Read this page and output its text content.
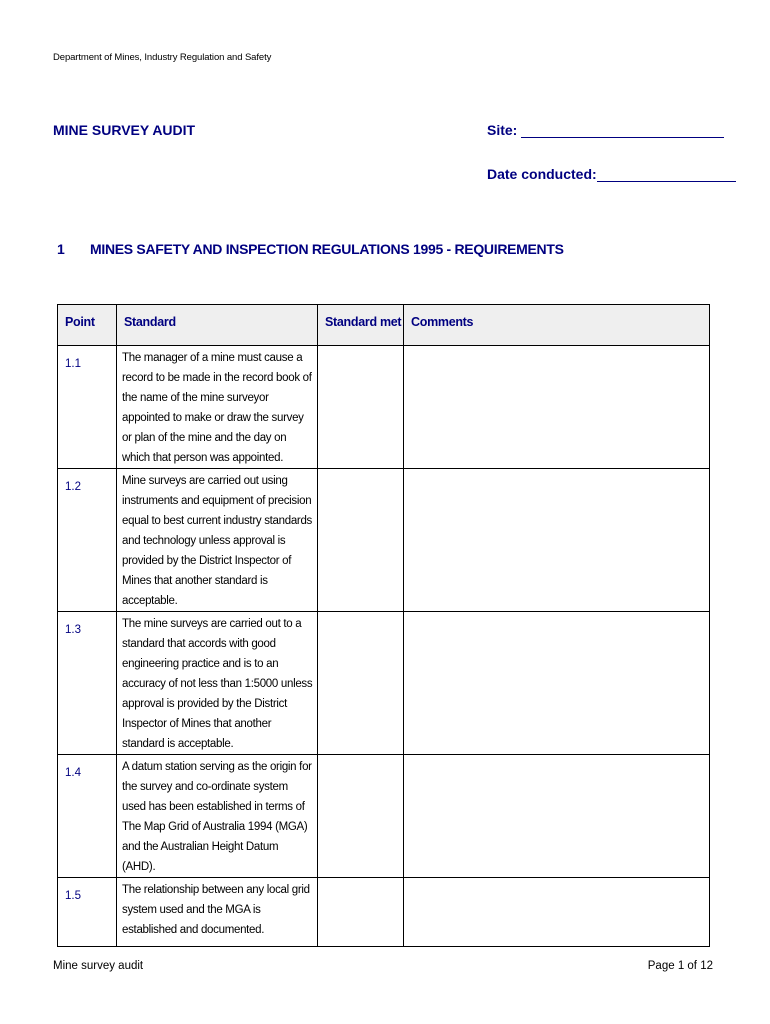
Department of Mines, Industry Regulation and Safety
MINE SURVEY AUDIT	Site:
Date conducted:
1 MINES SAFETY AND INSPECTION REGULATIONS 1995 - REQUIREMENTS
Point	Standard	Standard met	Comments
1.1	The manager of a mine must cause a record to be made in the record book of the name of the mine surveyor appointed to make or draw the survey or plan of the mine and the day on which that person was appointed.		
1.2	Mine surveys are carried out using instruments and equipment of precision equal to best current industry standards and technology unless approval is provided by the District Inspector of Mines that another standard is acceptable.		
1.3	The mine surveys are carried out to a standard that accords with good engineering practice and is to an accuracy of not less than 1:5000 unless approval is provided by the District Inspector of Mines that another standard is acceptable.		
1.4	A datum station serving as the origin for the survey and co-ordinate system used has been established in terms of The Map Grid of Australia 1994 (MGA) and the Australian Height Datum (AHD).		
1.5	The relationship between any local grid system used and the MGA is established and documented.		
Mine survey audit	Page 1 of 12
